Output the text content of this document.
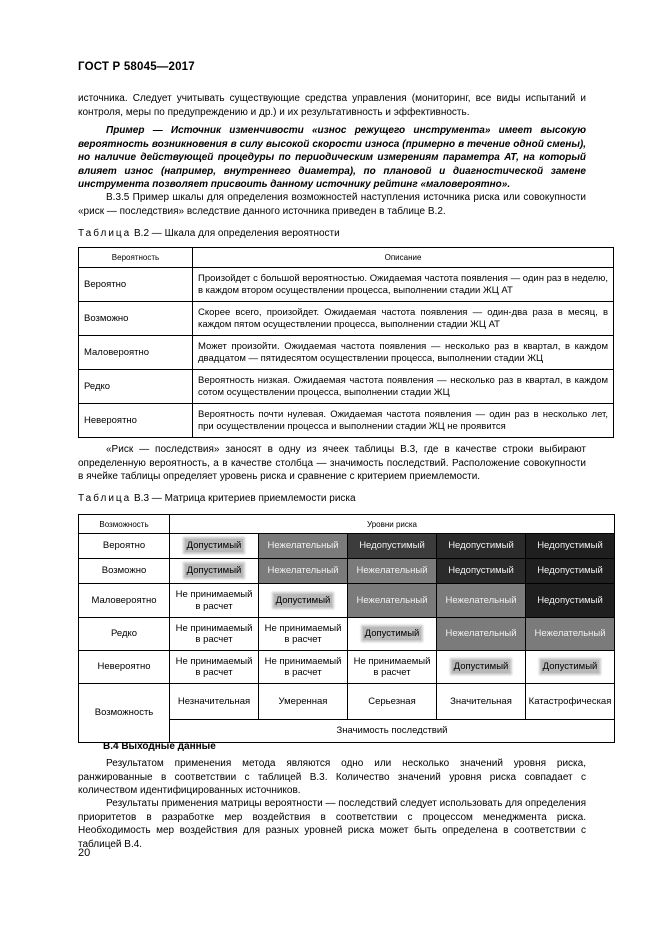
ГОСТ Р 58045—2017

источника. Следует учитывать существующие средства управления (мониторинг, все виды испытаний и контроля, меры по предупреждению и др.) и их результативность и эффективность.

Пример — Источник изменчивости «износ режущего инструмента» имеет высокую вероятность возникновения в силу высокой скорости износа (примерно в течение одной смены), но наличие действующей процедуры по периодическим измерениям параметра АТ, на который влияет износ (например, внутреннего диаметра), по плановой и диагностической замене инструмента позволяет присвоить данному источнику рейтинг «маловероятно».

В.3.5 Пример шкалы для определения возможностей наступления источника риска или совокупности «риск — последствия» вследствие данного источника приведен в таблице В.2.

Таблица В.2 — Шкала для определения вероятности
Вероятность	Описание
Вероятно	Произойдет с большой вероятностью. Ожидаемая частота появления — один раз в неделю, в каждом втором осуществлении процесса, выполнении стадии ЖЦ АТ
Возможно	Скорее всего, произойдет. Ожидаемая частота появления — один-два раза в месяц, в каждом пятом осуществлении процесса, выполнении стадии ЖЦ АТ
Маловероятно	Может произойти. Ожидаемая частота появления — несколько раз в квартал, в каждом двадцатом — пятидесятом осуществлении процесса, выполнении стадии ЖЦ
Редко	Вероятность низкая. Ожидаемая частота появления — несколько раз в квартал, в каждом сотом осуществлении процесса, выполнении стадии ЖЦ
Невероятно	Вероятность почти нулевая. Ожидаемая частота появления — один раз в несколько лет, при осуществлении процесса и выполнении стадии ЖЦ не проявится

«Риск — последствия» заносят в одну из ячеек таблицы В.3, где в качестве строки выбирают определенную вероятность, а в качестве столбца — значимость последствий. Расположение совокупности в ячейке таблицы определяет уровень риска и сравнение с критерием приемлемости.

Таблица В.3 — Матрица критериев приемлемости риска
Возможность	Уровни риска				
Вероятно	Допустимый	Нежелательный	Недопустимый	Недопустимый	Недопустимый
Возможно	Допустимый	Нежелательный	Нежелательный	Недопустимый	Недопустимый
Маловероятно	Не принимаемый в расчет	Допустимый	Нежелательный	Нежелательный	Недопустимый
Редко	Не принимаемый в расчет	Не принимаемый в расчет	Допустимый	Нежелательный	Нежелательный
Невероятно	Не принимаемый в расчет	Не принимаемый в расчет	Не принимаемый в расчет	Допустимый	Допустимый
Возможность	Незначительная	Умеренная	Серьезная	Значительная	Катастрофическая
	Значимость последствий				
В.4 Выходные данные

Результатом применения метода являются одно или несколько значений уровня риска, ранжированные в соответствии с таблицей В.3. Количество значений уровня риска совпадает с количеством идентифицированных источников.

Результаты применения матрицы вероятности — последствий следует использовать для определения приоритетов в разработке мер воздействия в соответствии с процессом менеджмента риска. Необходимость мер воздействия для разных уровней риска может быть определена в соответствии с таблицей В.4.

20
